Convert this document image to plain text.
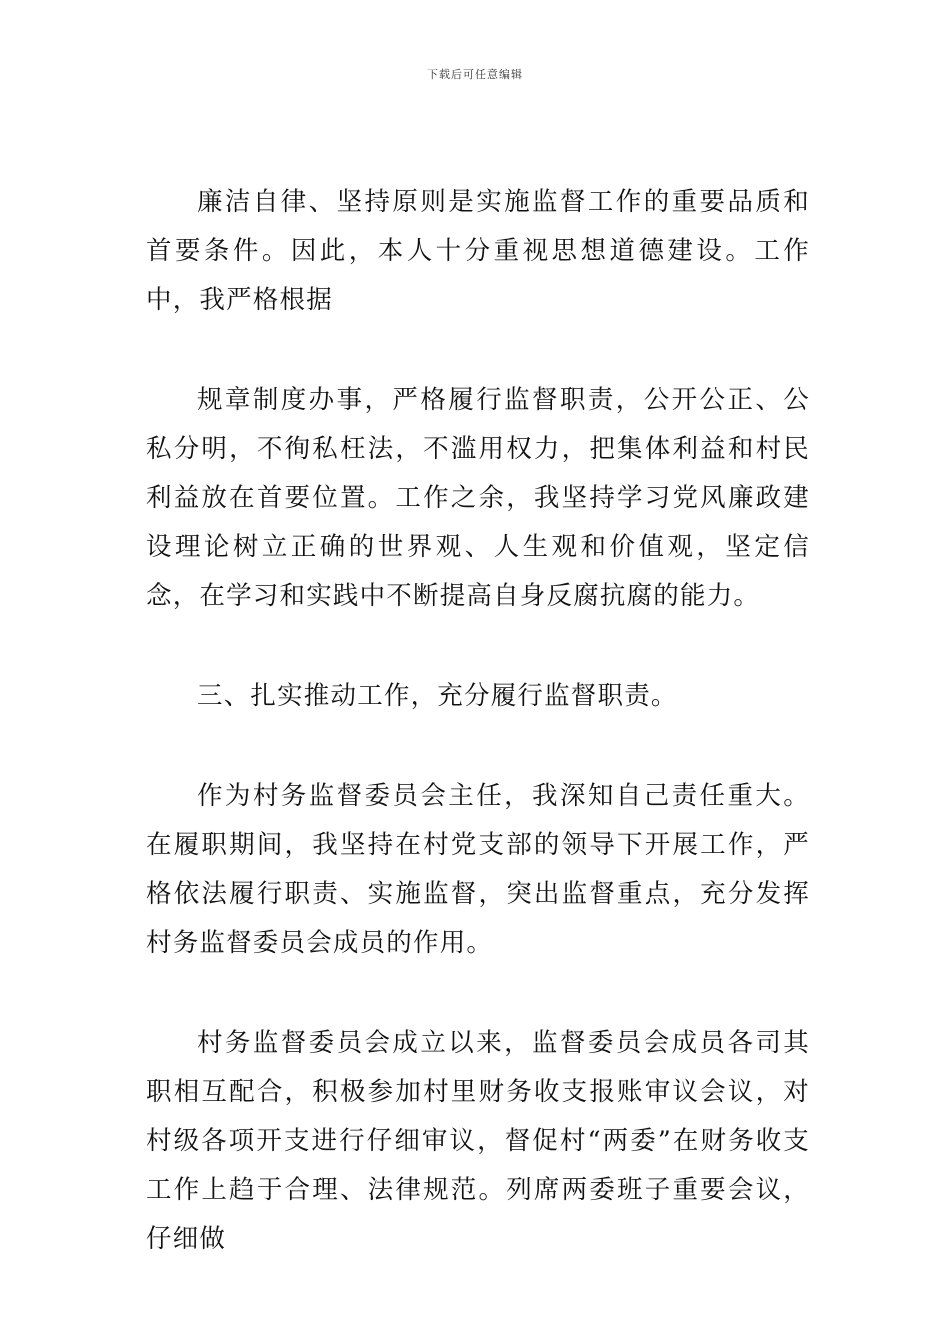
下载后可任意编辑

廉洁自律、坚持原则是实施监督工作的重要品质和首要条件。因此，本人十分重视思想道德建设。工作中，我严格根据

规章制度办事，严格履行监督职责，公开公正、公私分明，不徇私枉法，不滥用权力，把集体利益和村民利益放在首要位置。工作之余，我坚持学习党风廉政建设理论树立正确的世界观、人生观和价值观，坚定信念，在学习和实践中不断提高自身反腐抗腐的能力。

三、扎实推动工作，充分履行监督职责。

作为村务监督委员会主任，我深知自己责任重大。在履职期间，我坚持在村党支部的领导下开展工作，严格依法履行职责、实施监督，突出监督重点，充分发挥村务监督委员会成员的作用。

村务监督委员会成立以来，监督委员会成员各司其职相互配合，积极参加村里财务收支报账审议会议，对村级各项开支进行仔细审议，督促村“两委”在财务收支工作上趋于合理、法律规范。列席两委班子重要会议，仔细做
